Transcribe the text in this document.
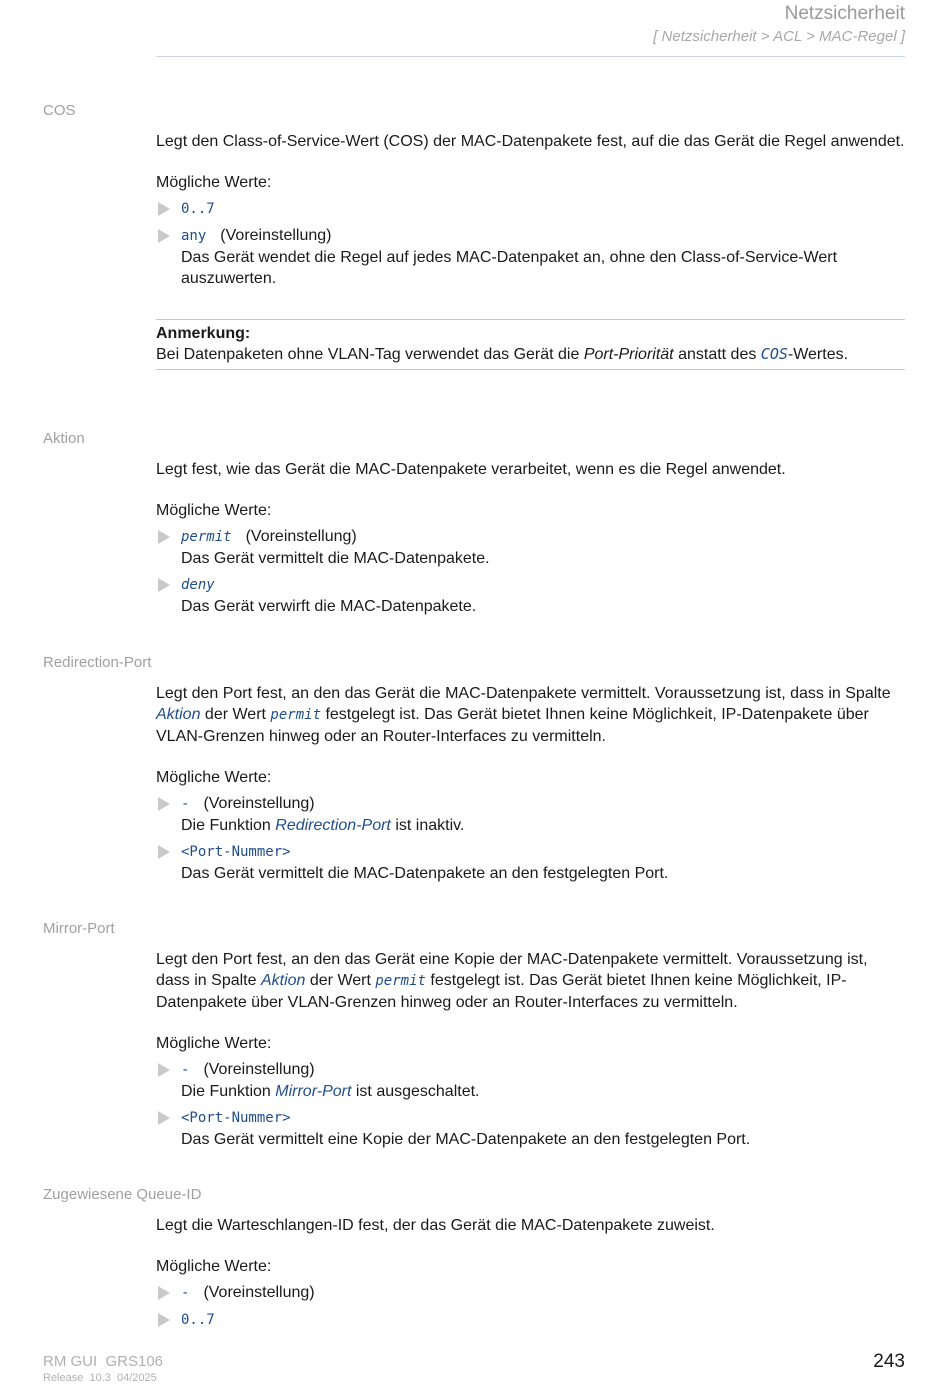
Netzsicherheit
[ Netzsicherheit > ACL > MAC-Regel ]
COS

Legt den Class-of-Service-Wert (COS) der MAC-Datenpakete fest, auf die das Gerät die Regel anwendet.

Mögliche Werte:

0..7
any (Voreinstellung)
Das Gerät wendet die Regel auf jedes MAC-Datenpaket an, ohne den Class-of-Service-Wert auszuwerten.
Anmerkung:
Bei Datenpaketen ohne VLAN-Tag verwendet das Gerät die Port-Priorität anstatt des COS-Wertes.
Aktion

Legt fest, wie das Gerät die MAC-Datenpakete verarbeitet, wenn es die Regel anwendet.

Mögliche Werte:

permit (Voreinstellung)
Das Gerät vermittelt die MAC-Datenpakete.
deny
Das Gerät verwirft die MAC-Datenpakete.
Redirection-Port

Legt den Port fest, an den das Gerät die MAC-Datenpakete vermittelt. Voraussetzung ist, dass in Spalte Aktion der Wert permit festgelegt ist. Das Gerät bietet Ihnen keine Möglichkeit, IP-Datenpakete über VLAN-Grenzen hinweg oder an Router-Interfaces zu vermitteln.

Mögliche Werte:

- (Voreinstellung)
Die Funktion Redirection-Port ist inaktiv.
<Port-Nummer>
Das Gerät vermittelt die MAC-Datenpakete an den festgelegten Port.
Mirror-Port

Legt den Port fest, an den das Gerät eine Kopie der MAC-Datenpakete vermittelt. Voraussetzung ist, dass in Spalte Aktion der Wert permit festgelegt ist. Das Gerät bietet Ihnen keine Möglichkeit, IP-Datenpakete über VLAN-Grenzen hinweg oder an Router-Interfaces zu vermitteln.

Mögliche Werte:

- (Voreinstellung)
Die Funktion Mirror-Port ist ausgeschaltet.
<Port-Nummer>
Das Gerät vermittelt eine Kopie der MAC-Datenpakete an den festgelegten Port.
Zugewiesene Queue-ID

Legt die Warteschlangen-ID fest, der das Gerät die MAC-Datenpakete zuweist.

Mögliche Werte:

- (Voreinstellung)
0..7
RM GUI  GRS106
Release  10.3  04/2025
243
